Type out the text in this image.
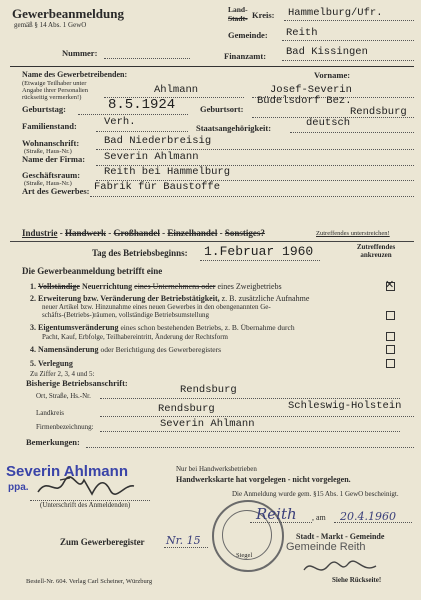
Gewerbeanmeldung
gemäß § 14 Abs. 1 GewO
Nummer:
Land-
Stadt- Kreis: Hammelburg/Ufr.
Gemeinde: Reith
Finanzamt: Bad Kissingen
Name des Gewerbetreibenden:
(Etwaige Teilhaber unter Angabe ihrer Personalien rückseitig vermerken!)
Ahlmann
Vorname:
Josef-Severin
Geburtstag:	8.5.1924	Geburtsort:
Büdelsdorf Bez.
Rendsburg
Familienstand:	Verh.	Staatsangehörigkeit:	deutsch
Wohnanschrift:
(Straße, Haus-Nr.)
Bad Niederbreisig
Name der Firma: Severin Ahlmann
Geschäftsraum:
(Straße, Haus-Nr.)
Reith bei Hammelburg
Art des Gewerbes: Fabrik für Baustoffe
Industrie - Handwerk - Großhandel - Einzelhandel - Sonstiges?	Zutreffendes unterstreichen!
Tag des Betriebsbeginns: 1.Februar 1960	Zutreffendes ankreuzen
Die Gewerbeanmeldung betrifft eine
1. Vollständige Neuerrichtung eines Unternehmens oder eines Zweigbetriebs	✕
2. Erweiterung bzw. Veränderung der Betriebstätigkeit, z. B. zusätzliche Aufnahme
neuer Artikel bzw. Hinzunahme eines neuen Gewerbes in den obengenannten Ge-
schäfts-(Betriebs-)räumen, vollständige Betriebsumstellung
3. Eigentumsveränderung eines schon bestehenden Betriebs, z. B. Übernahme durch
Pacht, Kauf, Erbfolge, Teilhabereintritt, Änderung der Rechtsform
4. Namensänderung oder Berichtigung des Gewerberegisters
5. Verlegung
Zu Ziffer 2, 3, 4 und 5:
Bisherige Betriebsanschrift:
Ort, Straße, Hs.-Nr.	Rendsburg
Landkreis	Rendsburg	Schleswig-Holstein
Firmenbezeichnung:	Severin Ahlmann
Bemerkungen:
Severin Ahlmann
ppa.
(Unterschrift des Anmeldenden)
Nur bei Handwerksbetrieben
Handwerkskarte hat vorgelegen - nicht vorgelegen.
Die Anmeldung wurde gem. §15 Abs. 1 GewO bescheinigt.
Siegel
Reith , am 20.4.1960
Stadt - Markt - Gemeinde
Gemeinde Reith
Siehe Rückseite!
Zum Gewerberegister Nr. 15
Bestell-Nr. 604. Verlag Carl Scheiner, Würzburg
